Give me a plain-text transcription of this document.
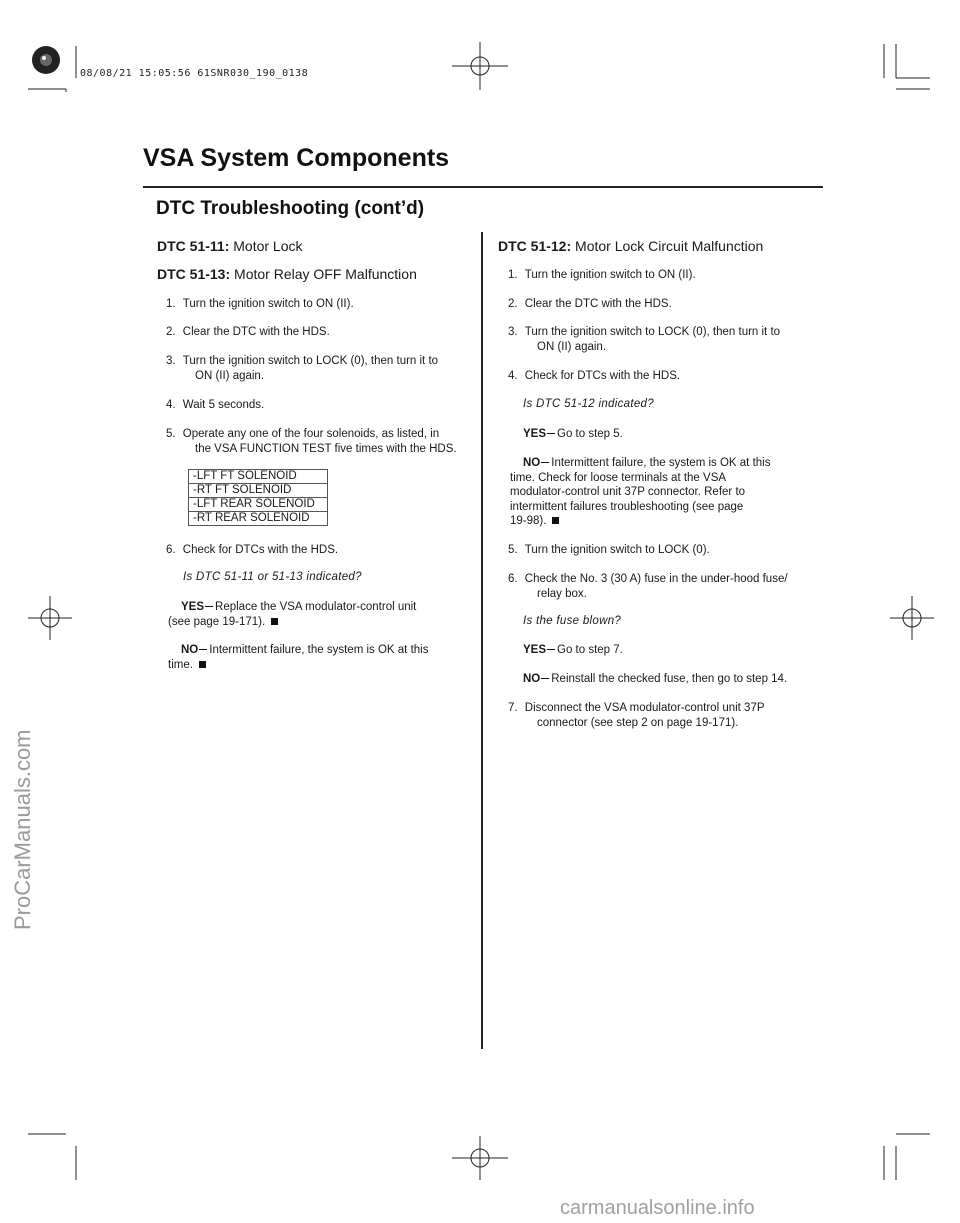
08/08/21 15:05:56 61SNR030_190_0138
ProCarManuals.com
carmanualsonline.info
VSA System Components
DTC Troubleshooting (cont’d)
DTC 51-11: Motor Lock
DTC 51-13: Motor Relay OFF Malfunction
1. Turn the ignition switch to ON (II).
2. Clear the DTC with the HDS.
3. Turn the ignition switch to LOCK (0), then turn it to
ON (II) again.
4. Wait 5 seconds.
5. Operate any one of the four solenoids, as listed, in
the VSA FUNCTION TEST five times with the HDS.
-LFT FT SOLENOID
-RT FT SOLENOID
-LFT REAR SOLENOID
-RT REAR SOLENOID
6. Check for DTCs with the HDS.
Is DTC 51-11 or 51-13 indicated?
YES Replace the VSA modulator-control unit
(see page 19-171).
NO Intermittent failure, the system is OK at this
time.
DTC 51-12: Motor Lock Circuit Malfunction
1. Turn the ignition switch to ON (II).
2. Clear the DTC with the HDS.
3. Turn the ignition switch to LOCK (0), then turn it to
ON (II) again.
4. Check for DTCs with the HDS.
Is DTC 51-12 indicated?
YES Go to step 5.
NO Intermittent failure, the system is OK at this
time. Check for loose terminals at the VSA
modulator-control unit 37P connector. Refer to
intermittent failures troubleshooting (see page
19-98).
5. Turn the ignition switch to LOCK (0).
6. Check the No. 3 (30 A) fuse in the under-hood fuse/
relay box.
Is the fuse blown?
YES Go to step 7.
NO Reinstall the checked fuse, then go to step 14.
7. Disconnect the VSA modulator-control unit 37P
connector (see step 2 on page 19-171).
